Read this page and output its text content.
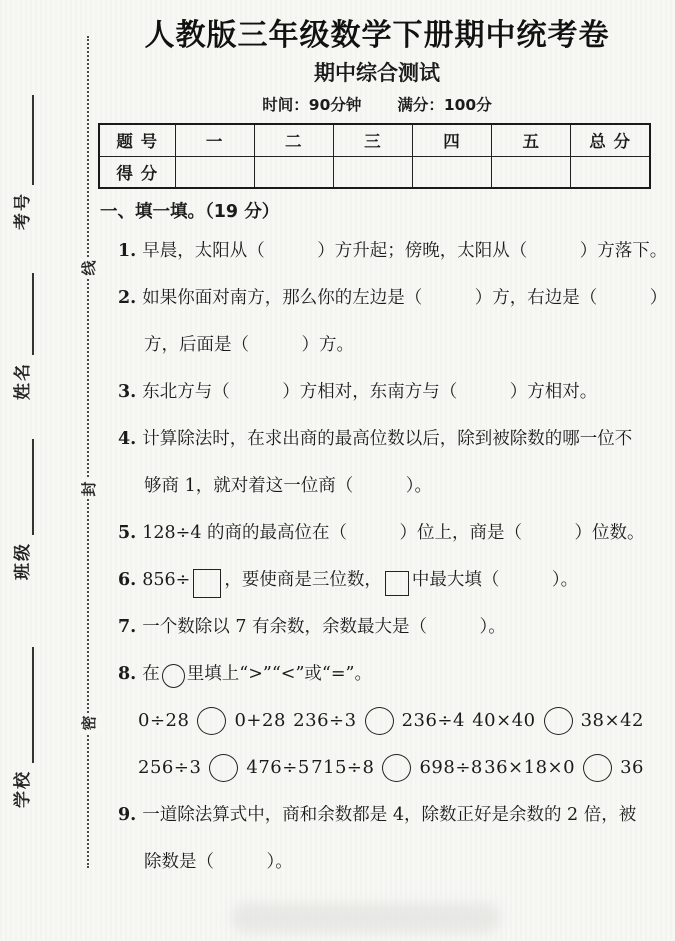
线
封
密
考号
姓名
班级
学校
人教版三年级数学下册期中统考卷
期中综合测试
时间：90分钟 满分：100分
题 号	一	二	三	四	五	总 分
得 分						
一、填一填。（19 分）
1. 早晨，太阳从（　　　）方升起；傍晚，太阳从（　　　）方落下。
2. 如果你面对南方，那么你的左边是（　　　）方，右边是（　　　）
方，后面是（　　　）方。
3. 东北方与（　　　）方相对，东南方与（　　　）方相对。
4. 计算除法时，在求出商的最高位数以后，除到被除数的哪一位不
够商 1，就对着这一位商（　　　）。
5. 128÷4 的商的最高位在（　　　）位上，商是（　　　）位数。
6. 856÷ ，要使商是三位数， 中最大填（　　　）。
7. 一个数除以 7 有余数，余数最大是（　　　）。
8. 在 里填上“>”“<”或“=”。
0÷28	0+28 236÷3	236÷4 40×40	38×42
256÷3	476÷5 715÷8	698÷8 36×18×0	36
9. 一道除法算式中，商和余数都是 4，除数正好是余数的 2 倍，被
除数是（　　　）。
